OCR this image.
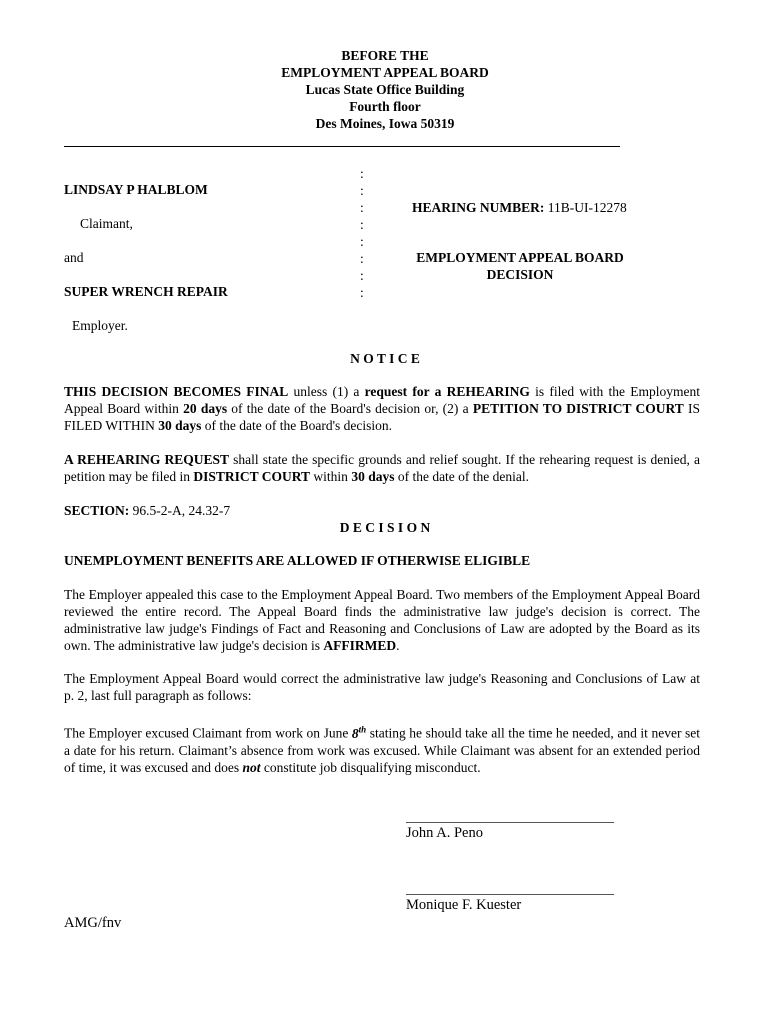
BEFORE THE
EMPLOYMENT APPEAL BOARD
Lucas State Office Building
Fourth floor
Des Moines, Iowa 50319
LINDSAY P HALBLOM
Claimant,
and
SUPER WRENCH REPAIR
Employer.
:
:
:
:
:
:
:
:
HEARING NUMBER: 11B-UI-12278
EMPLOYMENT APPEAL BOARD
DECISION
N O T I C E
THIS DECISION BECOMES FINAL unless (1) a request for a REHEARING is filed with the Employment Appeal Board within 20 days of the date of the Board's decision or, (2) a PETITION TO DISTRICT COURT IS FILED WITHIN 30 days of the date of the Board's decision.
A REHEARING REQUEST shall state the specific grounds and relief sought. If the rehearing request is denied, a petition may be filed in DISTRICT COURT within 30 days of the date of the denial.
SECTION: 96.5-2-A, 24.32-7
D E C I S I O N
UNEMPLOYMENT BENEFITS ARE ALLOWED IF OTHERWISE ELIGIBLE
The Employer appealed this case to the Employment Appeal Board. Two members of the Employment Appeal Board reviewed the entire record. The Appeal Board finds the administrative law judge's decision is correct. The administrative law judge's Findings of Fact and Reasoning and Conclusions of Law are adopted by the Board as its own. The administrative law judge's decision is AFFIRMED.
The Employment Appeal Board would correct the administrative law judge's Reasoning and Conclusions of Law at p. 2, last full paragraph as follows:
The Employer excused Claimant from work on June 8th stating he should take all the time he needed, and it never set a date for his return. Claimant’s absence from work was excused. While Claimant was absent for an extended period of time, it was excused and does not constitute job disqualifying misconduct.
John A. Peno
Monique F. Kuester
AMG/fnv
